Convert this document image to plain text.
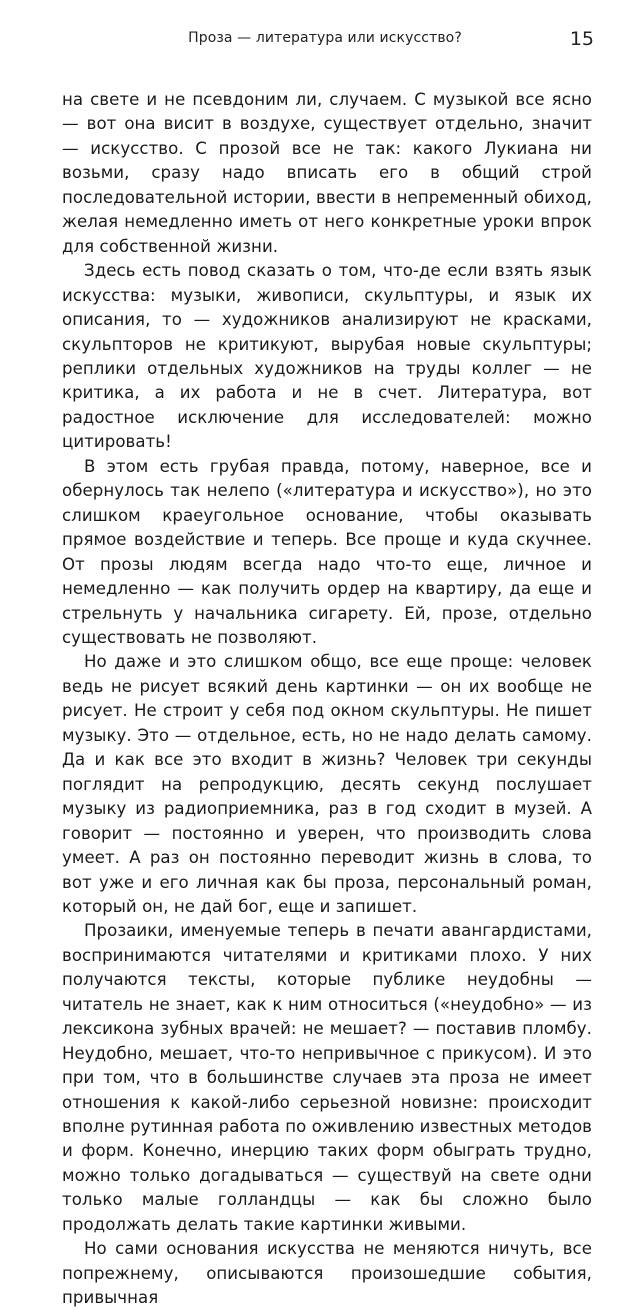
Проза — литература или искусство?	15

на свете и не псевдоним ли, случаем. С музыкой все ясно — вот она висит в воздухе, существует отдельно, значит — искусство. С прозой все не так: какого Лукиана ни возьми, сразу надо вписать его в общий строй последовательной истории, ввести в непременный обиход, желая немедленно иметь от него конкретные уроки впрок для собственной жизни.

Здесь есть повод сказать о том, что-де если взять язык искусства: музыки, живописи, скульптуры, и язык их описания, то — художников анализируют не красками, скульпторов не критикуют, вырубая новые скульптуры; реплики отдельных художников на труды коллег — не критика, а их работа и не в счет. Литература, вот радостное исключение для исследователей: можно цитировать!

В этом есть грубая правда, потому, наверное, все и обернулось так нелепо («литература и искусство»), но это слишком краеугольное основание, чтобы оказывать прямое воздействие и теперь. Все проще и куда скучнее. От прозы людям всегда надо что-то еще, личное и немедленно — как получить ордер на квартиру, да еще и стрельнуть у начальника сигарету. Ей, прозе, отдельно существовать не позволяют.

Но даже и это слишком общо, все еще проще: человек ведь не рисует всякий день картинки — он их вообще не рисует. Не строит у себя под окном скульптуры. Не пишет музыку. Это — отдельное, есть, но не надо делать самому. Да и как все это входит в жизнь? Человек три секунды поглядит на репродукцию, десять секунд послушает музыку из радиоприемника, раз в год сходит в музей. А говорит — постоянно и уверен, что производить слова умеет. А раз он постоянно переводит жизнь в слова, то вот уже и его личная как бы проза, персональный роман, который он, не дай бог, еще и запишет.

Прозаики, именуемые теперь в печати авангардистами, воспринимаются читателями и критиками плохо. У них получаются тексты, которые публике неудобны — читатель не знает, как к ним относиться («неудобно» — из лексикона зубных врачей: не мешает? — поставив пломбу. Неудобно, мешает, что-то непривычное с прикусом). И это при том, что в большинстве случаев эта проза не имеет отношения к какой-либо серьезной новизне: происходит вполне рутинная работа по оживлению известных методов и форм. Конечно, инерцию таких форм обыграть трудно, можно только догадываться — существуй на свете одни только малые голландцы — как бы сложно было продолжать делать такие картинки живыми.

Но сами основания искусства не меняются ничуть, все попрежнему, описываются произошедшие события, привычная
